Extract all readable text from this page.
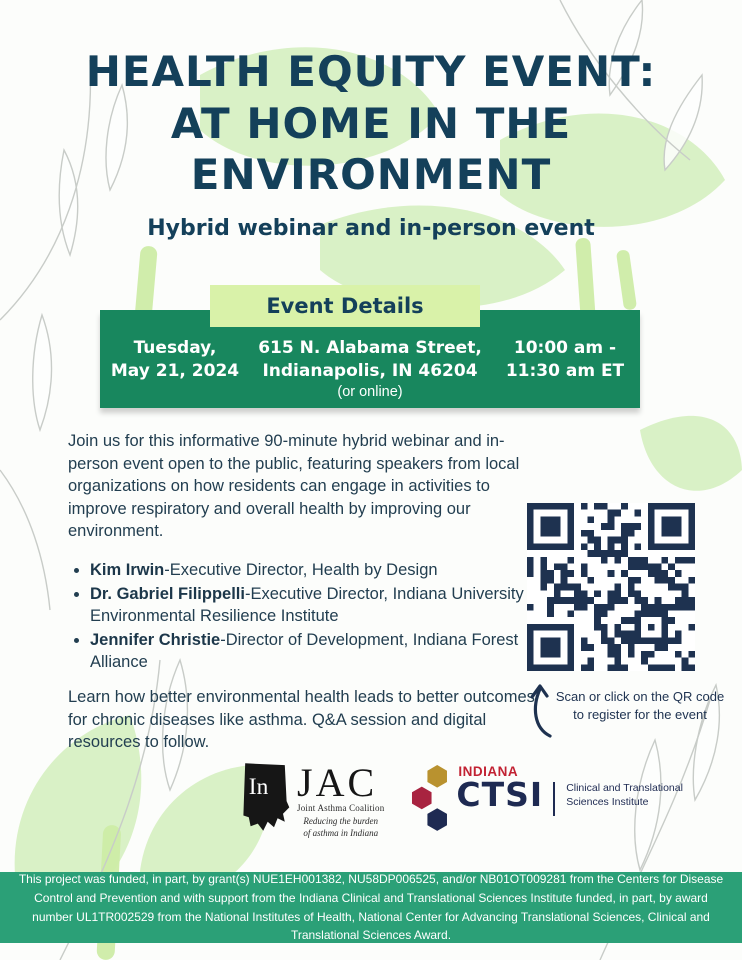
HEALTH EQUITY EVENT:
AT HOME IN THE
ENVIRONMENT
Hybrid webinar and in-person event
Event Details
Tuesday,
May 21, 2024
615 N. Alabama Street,
Indianapolis, IN 46204
(or online)
10:00 am -
11:30 am ET

Join us for this informative 90-minute hybrid webinar and in-person event open to the public, featuring speakers from local organizations on how residents can engage in activities to improve respiratory and overall health by improving our environment.

• Kim Irwin-Executive Director, Health by Design
• Dr. Gabriel Filippelli-Executive Director, Indiana University Environmental Resilience Institute
• Jennifer Christie-Director of Development, Indiana Forest Alliance

Learn how better environmental health leads to better outcomes for chronic diseases like asthma. Q&A session and digital resources to follow.

Scan or click on the QR code to register for the event
In JAC
Joint Asthma Coalition
Reducing the burden
of asthma in Indiana
INDIANA
CTSI Clinical and Translational
Sciences Institute
This project was funded, in part, by grant(s) NUE1EH001382, NU58DP006525, and/or NB01OT009281 from the Centers for Disease Control and Prevention and with support from the Indiana Clinical and Translational Sciences Institute funded, in part, by award number UL1TR002529 from the National Institutes of Health, National Center for Advancing Translational Sciences, Clinical and Translational Sciences Award.
